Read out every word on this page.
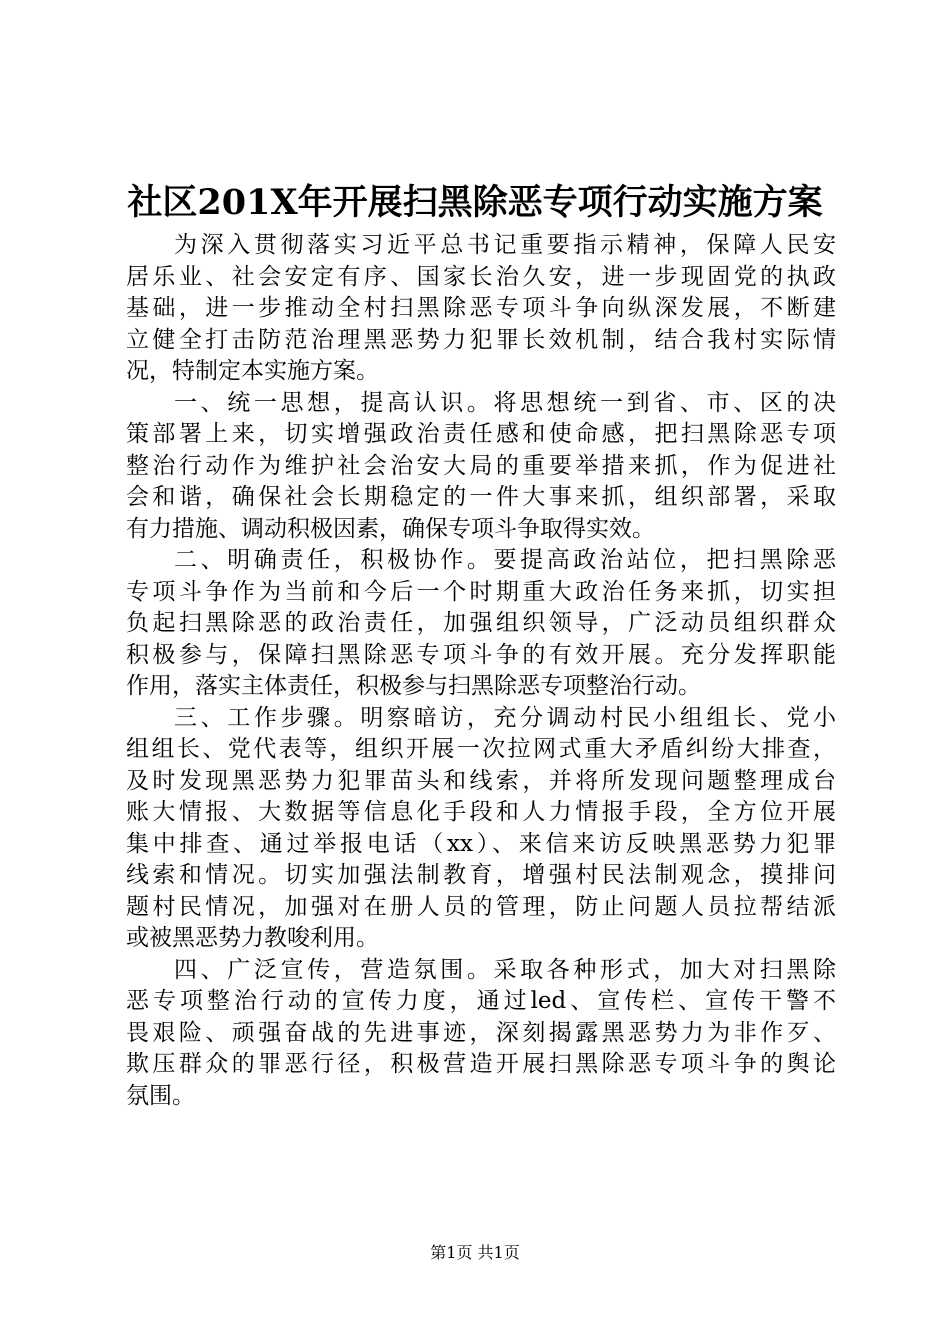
社区201X年开展扫黑除恶专项行动实施方案
为深入贯彻落实习近平总书记重要指示精神，保障人民安
居乐业、社会安定有序、国家长治久安，进一步现固党的执政
基础，进一步推动全村扫黑除恶专项斗争向纵深发展，不断建
立健全打击防范治理黑恶势力犯罪长效机制，结合我村实际情
况，特制定本实施方案。
一、统一思想，提高认识。将思想统一到省、市、区的决
策部署上来，切实增强政治责任感和使命感，把扫黑除恶专项
整治行动作为维护社会治安大局的重要举措来抓，作为促进社
会和谐，确保社会长期稳定的一件大事来抓，组织部署，采取
有力措施、调动积极因素，确保专项斗争取得实效。
二、明确责任，积极协作。要提高政治站位，把扫黑除恶
专项斗争作为当前和今后一个时期重大政治任务来抓，切实担
负起扫黑除恶的政治责任，加强组织领导，广泛动员组织群众
积极参与，保障扫黑除恶专项斗争的有效开展。充分发挥职能
作用，落实主体责任，积极参与扫黑除恶专项整治行动。
三、工作步骤。明察暗访，充分调动村民小组组长、党小
组组长、党代表等，组织开展一次拉网式重大矛盾纠纷大排查，
及时发现黑恶势力犯罪苗头和线索，并将所发现问题整理成台
账大情报、大数据等信息化手段和人力情报手段，全方位开展
集中排查、通过举报电话（xx）、来信来访反映黑恶势力犯罪
线索和情况。切实加强法制教育，增强村民法制观念，摸排问
题村民情况，加强对在册人员的管理，防止问题人员拉帮结派
或被黑恶势力教唆利用。
四、广泛宣传，营造氛围。采取各种形式，加大对扫黑除
恶专项整治行动的宣传力度，通过led、宣传栏、宣传干警不
畏艰险、顽强奋战的先进事迹，深刻揭露黑恶势力为非作歹、
欺压群众的罪恶行径，积极营造开展扫黑除恶专项斗争的舆论
氛围。
第1页 共1页
